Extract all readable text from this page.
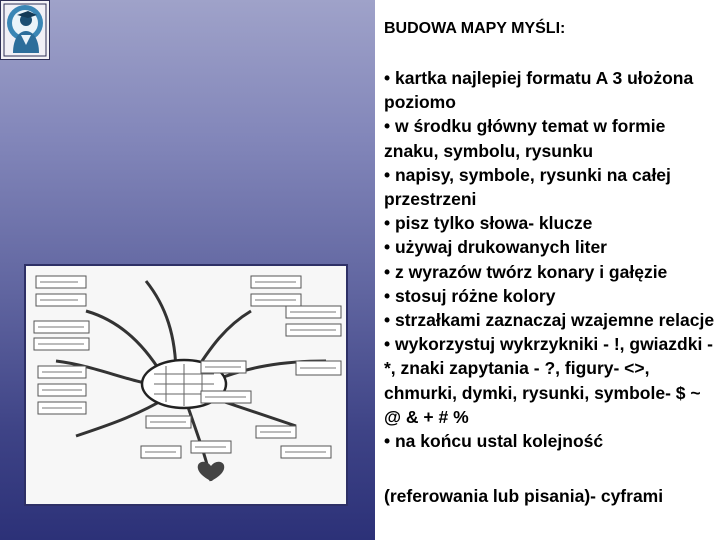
BUDOWA MAPY MYŚLI:

• kartka najlepiej formatu A 3 ułożona poziomo

• w środku główny temat w formie znaku, symbolu, rysunku

• napisy, symbole, rysunki na całej przestrzeni

• pisz tylko słowa- klucze

• używaj drukowanych liter

• z wyrazów twórz konary i gałęzie

• stosuj różne kolory

• strzałkami zaznaczaj wzajemne relacje

• wykorzystuj wykrzykniki - !, gwiazdki - *, znaki zapytania - ?, figury- <>, chmurki, dymki, rysunki, symbole- $ ~ @ & + # %

• na końcu ustal kolejność

(referowania lub pisania)- cyframi
